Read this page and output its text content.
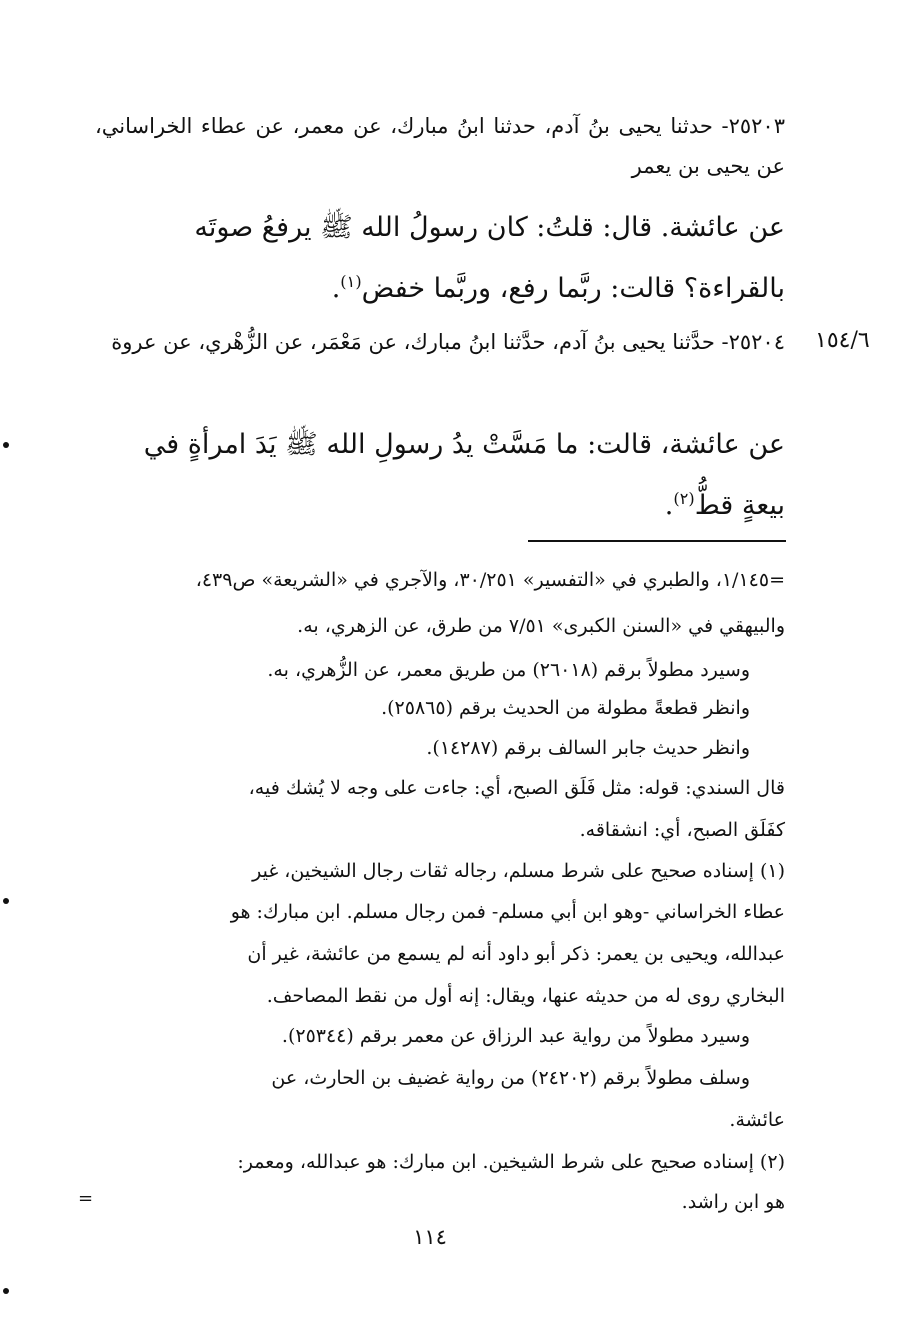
٢٥٢٠٣- حدثنا يحيى بنُ آدم، حدثنا ابنُ مبارك، عن معمر، عن عطاء الخراساني، عن يحيى بن يعمر
عن عائشة. قال: قلتُ: كان رسولُ الله ﷺ يرفعُ صوتَه
بالقراءة؟ قالت: ربَّما رفع، وربَّما خفض$^{(١)}$.
١٥٤/٦
٢٥٢٠٤- حدَّثنا يحيى بنُ آدم، حدَّثنا ابنُ مبارك، عن مَعْمَر، عن الزُّهْري، عن عروة
عن عائشة، قالت: ما مَسَّتْ يدُ رسولِ الله ﷺ يَدَ امرأةٍ في
بيعةٍ قطُّ$^{(٢)}$.
=١/١٤٥، والطبري في «التفسير» ٣٠/٢٥١، والآجري في «الشريعة» ص٤٣٩،
والبيهقي في «السنن الكبرى» ٧/٥١ من طرق، عن الزهري، به.
وسيرد مطولاً برقم (٢٦٠١٨) من طريق معمر، عن الزُّهري، به.
وانظر قطعةً مطولة من الحديث برقم (٢٥٨٦٥).
وانظر حديث جابر السالف برقم (١٤٢٨٧).
قال السندي: قوله: مثل فَلَق الصبح، أي: جاءت على وجه لا يُشك فيه،
كفَلَق الصبح، أي: انشقاقه.
(١) إسناده صحيح على شرط مسلم، رجاله ثقات رجال الشيخين، غير
عطاء الخراساني -وهو ابن أبي مسلم- فمن رجال مسلم. ابن مبارك: هو
عبدالله، ويحيى بن يعمر: ذكر أبو داود أنه لم يسمع من عائشة، غير أن
البخاري روى له من حديثه عنها، ويقال: إنه أول من نقط المصاحف.
وسيرد مطولاً من رواية عبد الرزاق عن معمر برقم (٢٥٣٤٤).
وسلف مطولاً برقم (٢٤٢٠٢) من رواية غضيف بن الحارث، عن
عائشة.
(٢) إسناده صحيح على شرط الشيخين. ابن مبارك: هو عبدالله، ومعمر:
هو ابن راشد.
=
١١٤
